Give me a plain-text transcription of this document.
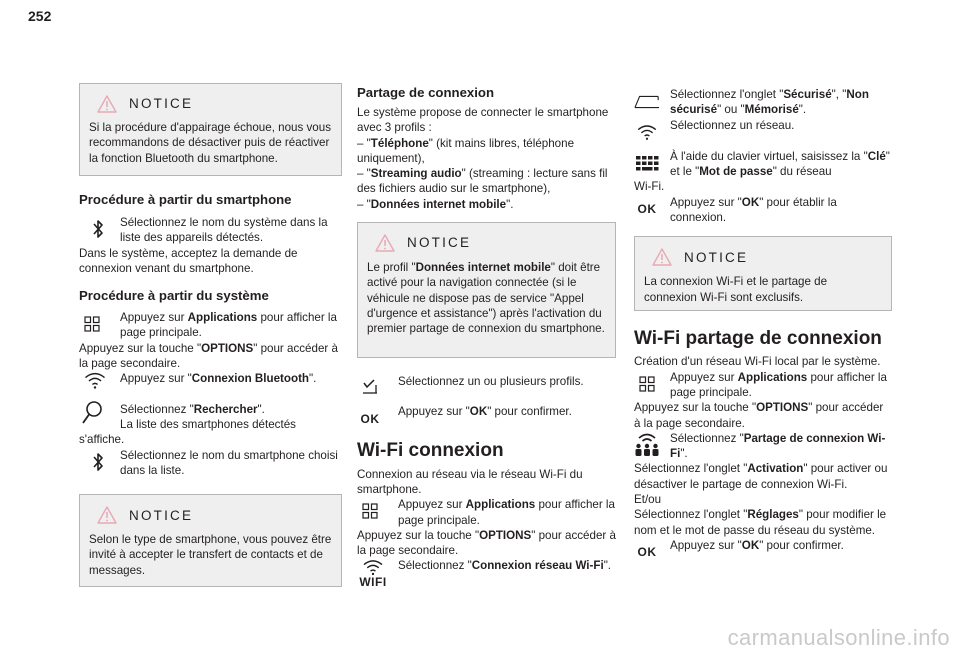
252
NOTICE

Si la procédure d'appairage échoue, nous vous recommandons de désactiver puis de réactiver la fonction Bluetooth du smartphone.

Procédure à partir du smartphone
Sélectionnez le nom du système dans la liste des appareils détectés.

Dans le système, acceptez la demande de connexion venant du smartphone.

Procédure à partir du système
Appuyez sur Applications pour afficher la page principale.

Appuyez sur la touche "OPTIONS" pour accéder à la page secondaire.

Appuyez sur "Connexion Bluetooth".
Sélectionnez "Rechercher".
La liste des smartphones détectés

s'affiche.

Sélectionnez le nom du smartphone choisi dans la liste.
NOTICE

Selon le type de smartphone, vous pouvez être invité à accepter le transfert de contacts et de messages.

Partage de connexion

Le système propose de connecter le smartphone avec 3 profils :

– "Téléphone" (kit mains libres, téléphone uniquement),

– "Streaming audio" (streaming : lecture sans fil des fichiers audio sur le smartphone),

– "Données internet mobile".

NOTICE

Le profil "Données internet mobile" doit être activé pour la navigation connectée (si le véhicule ne dispose pas de service "Appel d'urgence et assistance") après l'activation du premier partage de connexion du smartphone.

Sélectionnez un ou plusieurs profils.
OK Appuyez sur "OK" pour confirmer.
Wi-Fi connexion

Connexion au réseau via le réseau Wi-Fi du smartphone.

Appuyez sur Applications pour afficher la page principale.

Appuyez sur la touche "OPTIONS" pour accéder à la page secondaire.

WIFI
Sélectionnez "Connexion réseau Wi-Fi".
Sélectionnez l'onglet "Sécurisé", "Non sécurisé" ou "Mémorisé".
Sélectionnez un réseau.
À l'aide du clavier virtuel, saisissez la "Clé" et le "Mot de passe" du réseau

Wi-Fi.

OK Appuyez sur "OK" pour établir la connexion.
NOTICE

La connexion Wi-Fi et le partage de connexion Wi-Fi sont exclusifs.

Wi-Fi partage de connexion

Création d'un réseau Wi-Fi local par le système.

Appuyez sur Applications pour afficher la page principale.

Appuyez sur la touche "OPTIONS" pour accéder à la page secondaire.

Sélectionnez "Partage de connexion Wi-Fi".

Sélectionnez l'onglet "Activation" pour activer ou désactiver le partage de connexion Wi-Fi.

Et/ou

Sélectionnez l'onglet "Réglages" pour modifier le nom et le mot de passe du réseau du système.

OK Appuyez sur "OK" pour confirmer.
carmanualsonline.info
